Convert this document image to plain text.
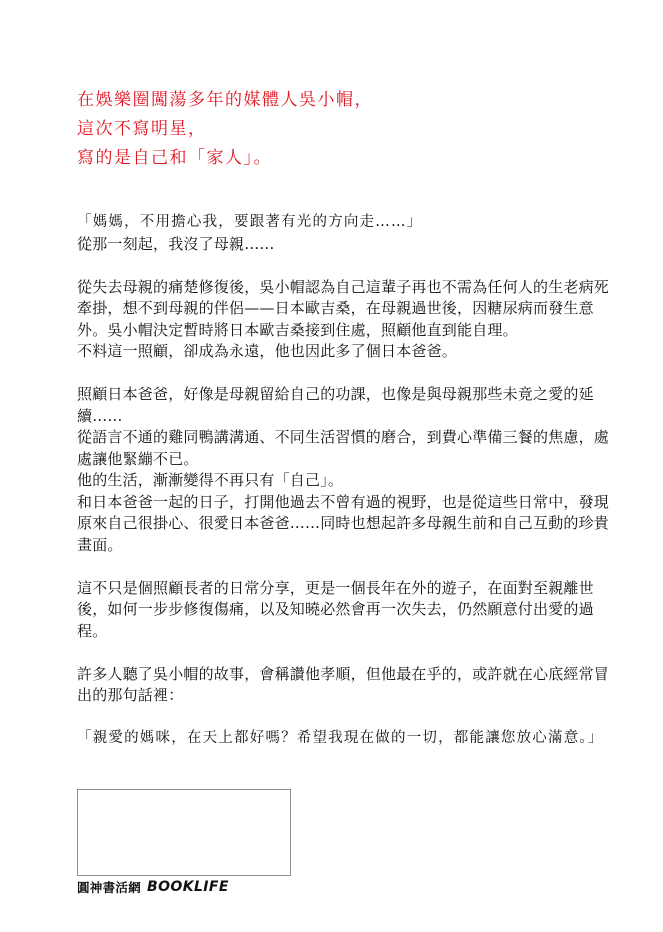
在娛樂圈闖蕩多年的媒體人吳小帽，
這次不寫明星，
寫的是自己和「家人」。

「媽媽，不用擔心我，要跟著有光的方向走……」

從那一刻起，我沒了母親……

從失去母親的痛楚修復後，吳小帽認為自己這輩子再也不需為任何人的生老病死牽掛，想不到母親的伴侶——日本歐吉桑，在母親過世後，因糖尿病而發生意外。吳小帽決定暫時將日本歐吉桑接到住處，照顧他直到能自理。

不料這一照顧，卻成為永遠，他也因此多了個日本爸爸。

照顧日本爸爸，好像是母親留給自己的功課，也像是與母親那些未竟之愛的延續……

從語言不通的雞同鴨講溝通、不同生活習慣的磨合，到費心準備三餐的焦慮，處處讓他緊繃不已。

他的生活，漸漸變得不再只有「自己」。

和日本爸爸一起的日子，打開他過去不曾有過的視野，也是從這些日常中，發現原來自己很掛心、很愛日本爸爸……同時也想起許多母親生前和自己互動的珍貴畫面。

這不只是個照顧長者的日常分享，更是一個長年在外的遊子，在面對至親離世後，如何一步步修復傷痛，以及知曉必然會再一次失去，仍然願意付出愛的過程。

許多人聽了吳小帽的故事，會稱讚他孝順，但他最在乎的，或許就在心底經常冒出的那句話裡：

「親愛的媽咪，在天上都好嗎？希望我現在做的一切，都能讓您放心滿意。」

圓神書活網 BOOKLIFE
